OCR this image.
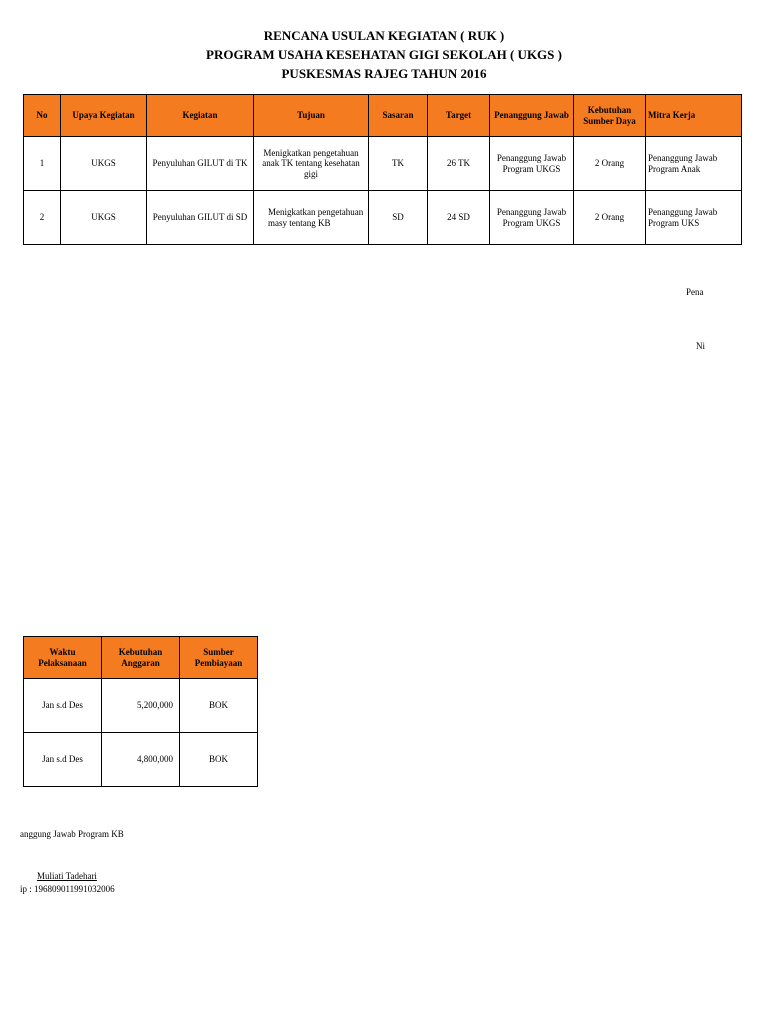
RENCANA USULAN KEGIATAN ( RUK )
PROGRAM USAHA KESEHATAN GIGI SEKOLAH ( UKGS )
PUSKESMAS RAJEG TAHUN 2016
No	Upaya Kegiatan	Kegiatan	Tujuan	Sasaran	Target	Penanggung Jawab	Kebutuhan Sumber Daya	Mitra Kerja
1	UKGS	Penyuluhan GILUT di TK	Menigkatkan pengetahuan anak TK tentang kesehatan gigi	TK	26 TK	Penanggung Jawab Program UKGS	2 Orang	Penanggung Jawab Program Anak
2	UKGS	Penyuluhan GILUT di SD	Menigkatkan pengetahuan masy tentang KB	SD	24 SD	Penanggung Jawab Program UKGS	2 Orang	Penanggung Jawab Program UKS
Pena
Ni
Waktu Pelaksanaan	Kebutuhan Anggaran	Sumber Pembiayaan
Jan s.d Des	5,200,000	BOK
Jan s.d Des	4,800,000	BOK
anggung Jawab Program KB
Muliati Tadehari
ip : 196809011991032006
